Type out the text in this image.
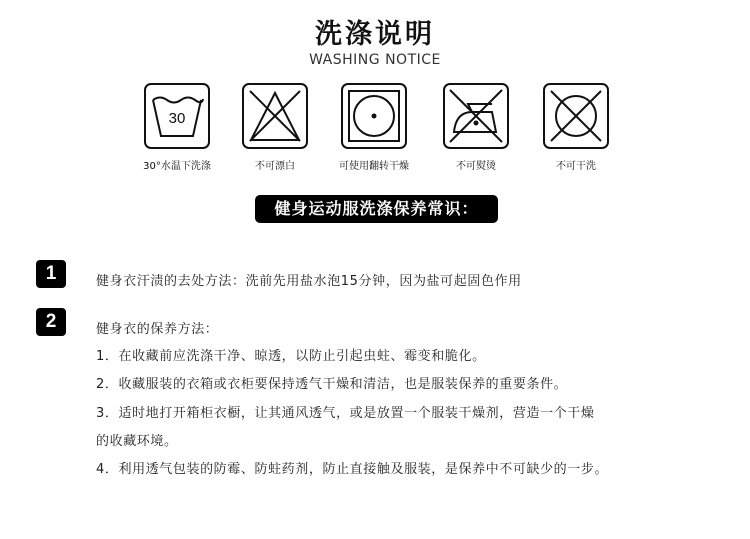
洗涤说明
WASHING NOTICE
30
30°水温下洗涤	不可漂白	可使用翻转干燥	不可熨烫	不可干洗
健身运动服洗涤保养常识：
1	健身衣汗渍的去处方法：洗前先用盐水泡15分钟，因为盐可起固色作用
2	健身衣的保养方法：
1．在收藏前应洗涤干净、晾透，以防止引起虫蛀、霉变和脆化。
2．收藏服装的衣箱或衣柜要保持透气干燥和清洁，也是服装保养的重要条件。
3．适时地打开箱柜衣橱，让其通风透气，或是放置一个服装干燥剂，营造一个干燥
的收藏环境。
4．利用透气包装的防霉、防蛀药剂，防止直接触及服装，是保养中不可缺少的一步。
